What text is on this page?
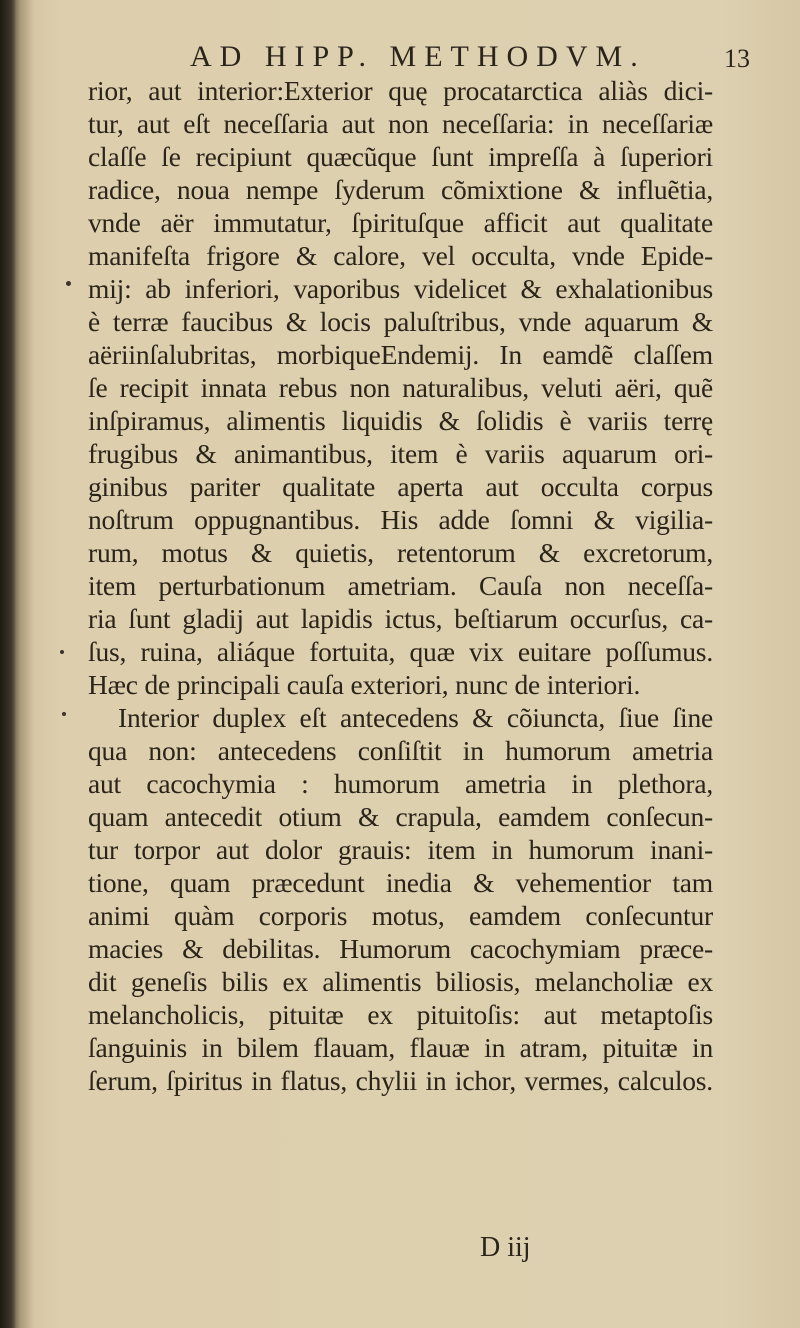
AD HIPP. METHODVM.	13
rior, aut interior:Exterior quę procatarctica aliàs dici-
tur, aut eſt neceſſaria aut non neceſſaria: in neceſſariæ
claſſe ſe recipiunt quæcũque ſunt impreſſa à ſuperiori
radice, noua nempe ſyderum cõmixtione & influẽtia,
vnde aër immutatur, ſpirituſque afficit aut qualitate
manifeſta frigore & calore, vel occulta, vnde Epide-
mij: ab inferiori, vaporibus videlicet & exhalationibus
è terræ faucibus & locis paluſtribus, vnde aquarum &
aëriinſalubritas, morbiqueEndemij. In eamdẽ claſſem
ſe recipit innata rebus non naturalibus, veluti aëri, quẽ
inſpiramus, alimentis liquidis & ſolidis è variis terrę
frugibus & animantibus, item è variis aquarum ori-
ginibus pariter qualitate aperta aut occulta corpus
noſtrum oppugnantibus. His adde ſomni & vigilia-
rum, motus & quietis, retentorum & excretorum,
item perturbationum ametriam. Cauſa non neceſſa-
ria ſunt gladij aut lapidis ictus, beſtiarum occurſus, ca-
ſus, ruina, aliáque fortuita, quæ vix euitare poſſumus.
Hæc de principali cauſa exteriori, nunc de interiori.
Interior duplex eſt antecedens & cõiuncta, ſiue ſine
qua non: antecedens conſiſtit in humorum ametria
aut cacochymia : humorum ametria in plethora,
quam antecedit otium & crapula, eamdem conſecun-
tur torpor aut dolor grauis: item in humorum inani-
tione, quam præcedunt inedia & vehementior tam
animi quàm corporis motus, eamdem conſecuntur
macies & debilitas. Humorum cacochymiam præce-
dit geneſis bilis ex alimentis biliosis, melancholiæ ex
melancholicis, pituitæ ex pituitoſis: aut metaptoſis
ſanguinis in bilem flauam, flauæ in atram, pituitæ in
ſerum, ſpiritus in flatus, chylii in ichor, vermes, calculos.
D iij
